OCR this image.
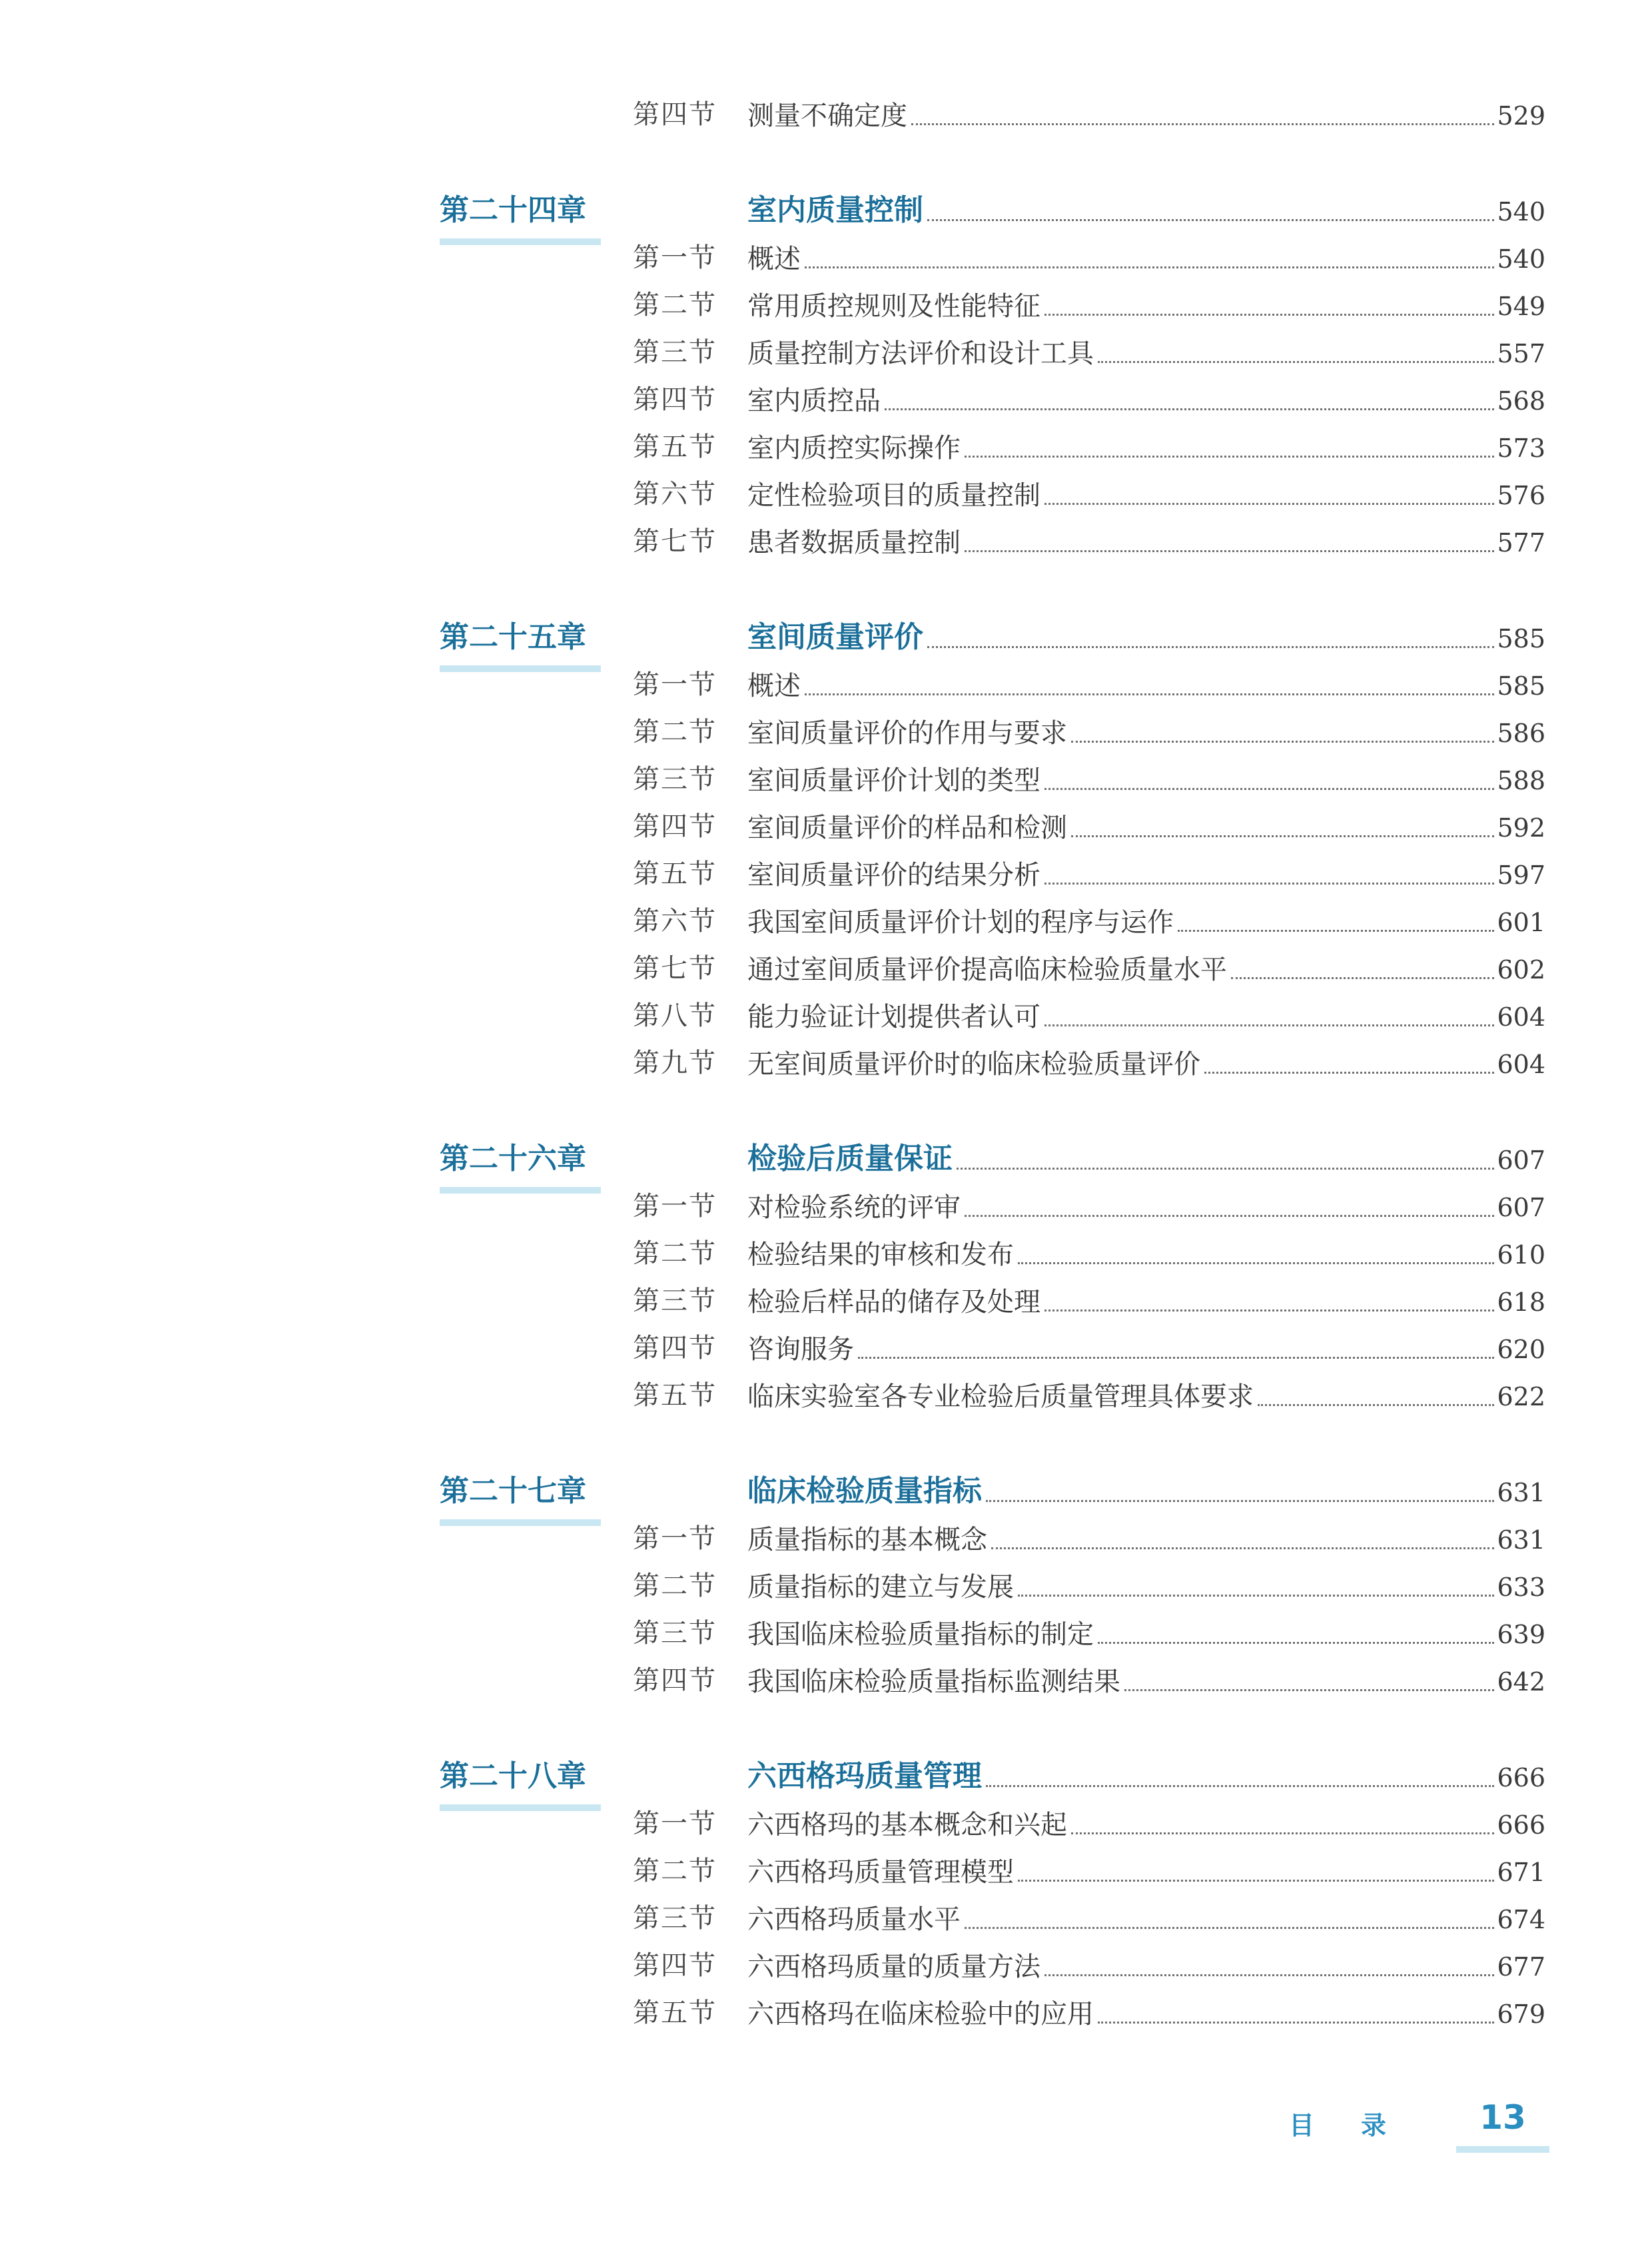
第四节 测量不确定度	529
第二十四章	室内质量控制	540
第一节 概述	540
第二节 常用质控规则及性能特征	549
第三节 质量控制方法评价和设计工具	557
第四节 室内质控品	568
第五节 室内质控实际操作	573
第六节 定性检验项目的质量控制	576
第七节 患者数据质量控制	577
第二十五章	室间质量评价	585
第一节 概述	585
第二节 室间质量评价的作用与要求	586
第三节 室间质量评价计划的类型	588
第四节 室间质量评价的样品和检测	592
第五节 室间质量评价的结果分析	597
第六节 我国室间质量评价计划的程序与运作	601
第七节 通过室间质量评价提高临床检验质量水平	602
第八节 能力验证计划提供者认可	604
第九节 无室间质量评价时的临床检验质量评价	604
第二十六章	检验后质量保证	607
第一节 对检验系统的评审	607
第二节 检验结果的审核和发布	610
第三节 检验后样品的储存及处理	618
第四节 咨询服务	620
第五节 临床实验室各专业检验后质量管理具体要求	622
第二十七章	临床检验质量指标	631
第一节 质量指标的基本概念	631
第二节 质量指标的建立与发展	633
第三节 我国临床检验质量指标的制定	639
第四节 我国临床检验质量指标监测结果	642
第二十八章	六西格玛质量管理	666
第一节 六西格玛的基本概念和兴起	666
第二节 六西格玛质量管理模型	671
第三节 六西格玛质量水平	674
第四节 六西格玛质量的质量方法	677
第五节 六西格玛在临床检验中的应用	679
目录	13
